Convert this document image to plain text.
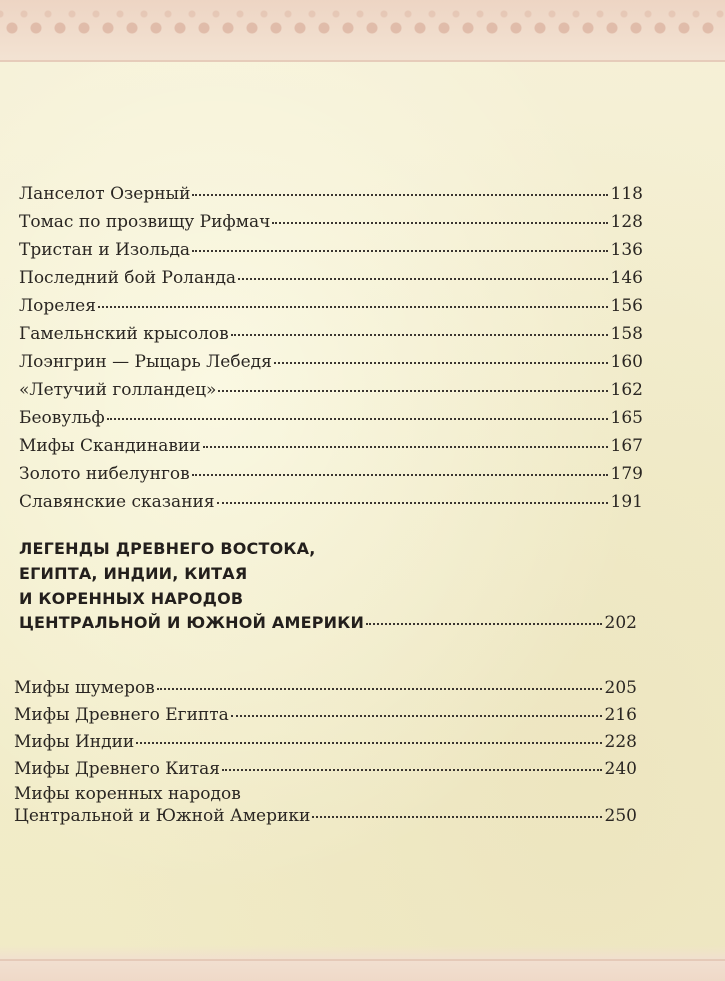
Ланселот Озерный	118
Томас по прозвищу Рифмач	128
Тристан и Изольда	136
Последний бой Роланда	146
Лорелея	156
Гамельнский крысолов	158
Лоэнгрин — Рыцарь Лебедя	160
«Летучий голландец»	162
Беовульф	165
Мифы Скандинавии	167
Золото нибелунгов	179
Славянские сказания	191
ЛЕГЕНДЫ ДРЕВНЕГО ВОСТОКА,
ЕГИПТА, ИНДИИ, КИТАЯ
И КОРЕННЫХ НАРОДОВ
ЦЕНТРАЛЬНОЙ И ЮЖНОЙ АМЕРИКИ	202
Мифы шумеров	205
Мифы Древнего Египта	216
Мифы Индии	228
Мифы Древнего Китая	240
Мифы коренных народов
Центральной и Южной Америки	250
